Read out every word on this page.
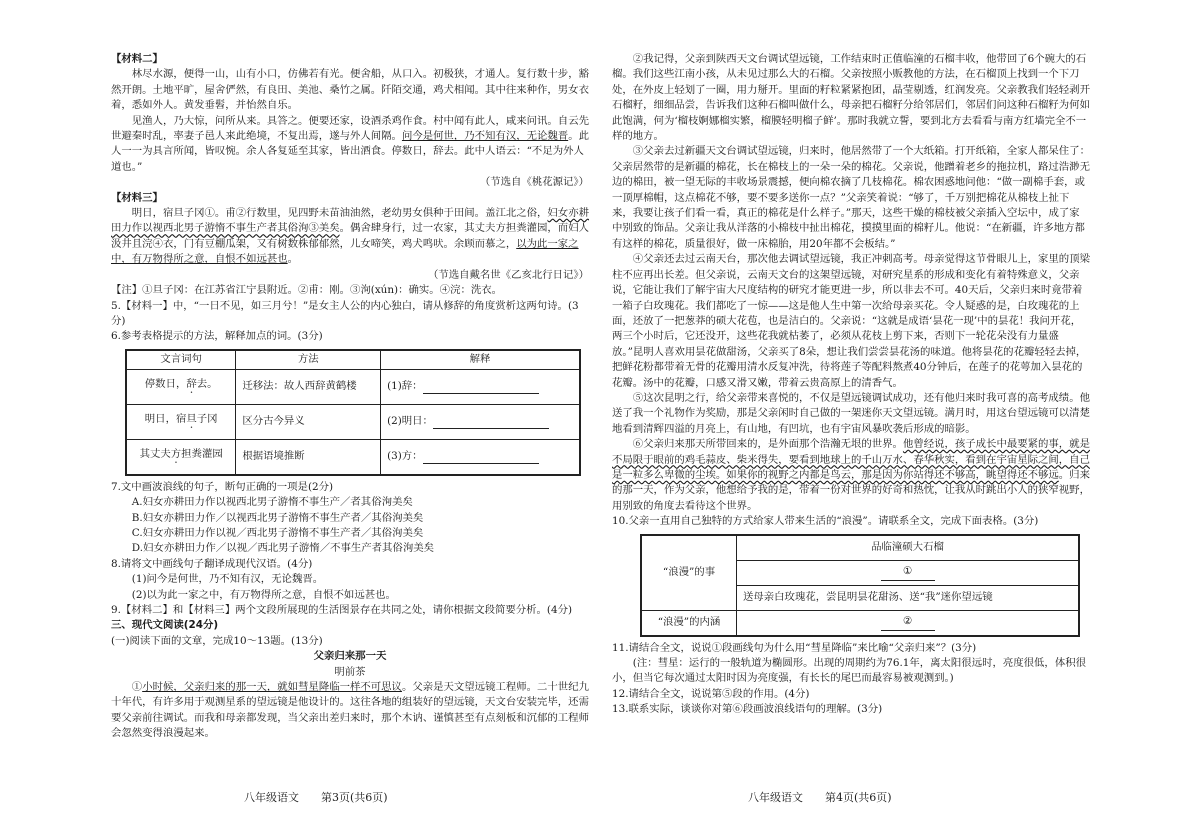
【材料二】

林尽水源，便得一山，山有小口，仿佛若有光。便舍船，从口入。初极狭，才通人。复行数十步，豁然开朗。土地平旷，屋舍俨然，有良田、美池、桑竹之属。阡陌交通，鸡犬相闻。其中往来种作，男女衣着，悉如外人。黄发垂髫，并怡然自乐。

见渔人，乃大惊，问所从来。具答之。便要还家，设酒杀鸡作食。村中闻有此人，咸来问讯。自云先世避秦时乱，率妻子邑人来此绝境，不复出焉，遂与外人间隔。问今是何世，乃不知有汉，无论魏晋。此人一一为具言所闻，皆叹惋。余人各复延至其家，皆出酒食。停数日，辞去。此中人语云：“不足为外人道也。”

（节选自《桃花源记》）

【材料三】

明日，宿旦子冈①。甫②行数里，见四野未苗油油然，老幼男女俱种于田间。盖江北之俗，妇女亦耕田力作以视西北男子游惰不事生产者其俗洵③美矣。偶舍肆身行，过一农家，其丈夫方担粪灌园，而妇人汲井且浣④衣，门有豆棚瓜架，又有树数株郁郁然，儿女啼笑，鸡犬鸣吠。余顾而慕之，以为此一家之中，有万物得所之意，自恨不如远甚也。

（节选自戴名世《乙亥北行日记》）

【注】①旦子冈：在江苏省江宁县附近。②甫：刚。③洵(xún)：确实。④浣：洗衣。

5.【材料一】中，“一日不见，如三月兮！”是女主人公的内心独白，请从修辞的角度赏析这两句诗。(3分)

6.参考表格提示的方法，解释加点的词。(3分)

文言词句	方法	解释
停数日，辞去。	迁移法：故人西辞黄鹤楼	(1)辞：
明日，宿旦子冈	区分古今异义	(2)明日：
其丈夫方担粪灌园	根据语境推断	(3)方：

7.文中画波浪线的句子，断句正确的一项是(2分)

A.妇女亦耕田力作以视西北男子游惰不事生产／者其俗洵美矣

B.妇女亦耕田力作／以视西北男子游惰不事生产者／其俗洵美矣

C.妇女亦耕田力作以视／西北男子游惰不事生产者／其俗洵美矣

D.妇女亦耕田力作／以视／西北男子游惰／不事生产者其俗洵美矣

8.请将文中画线句子翻译成现代汉语。(4分)

(1)问今是何世，乃不知有汉，无论魏晋。

(2)以为此一家之中，有万物得所之意，自恨不如远甚也。

9.【材料二】和【材料三】两个文段所展现的生活图景存在共同之处，请你根据文段简要分析。(4分)

三、现代文阅读(24分)

(一)阅读下面的文章，完成10～13题。(13分)

父亲归来那一天

明前茶

①小时候，父亲归来的那一天，就如彗星降临一样不可思议。父亲是天文望远镜工程师。二十世纪九十年代，有许多用于观测星系的望远镜是他设计的。这往各地的组装好的望远镜，天文台安装完毕，还需要父亲前往调试。而我和母亲都发现，当父亲出差归来时，那个木讷、谨慎甚至有点刻板和沉郁的工程师会忽然变得浪漫起来。

八年级语文　　第3页(共6页)

②我记得，父亲到陕西天文台调试望远镜，工作结束时正值临潼的石榴丰收，他带回了6个碗大的石榴。我们这些江南小孩，从未见过那么大的石榴。父亲按照小贩教他的方法，在石榴顶上找到一个下刀处，在外皮上轻划了一圈，用力掰开。里面的籽粒紧紧抱团，晶莹剔透，红润发亮。父亲教我们轻轻剥开石榴籽，细细品尝，告诉我们这种石榴叫做什么，母亲把石榴籽分给邻居们，邻居们问这种石榴籽为何如此饱满，何为‘榴枝婀娜榴实繁，榴膜轻明榴子鲜’。那时我就立誓，要到北方去看看与南方红墙完全不一样的地方。

③父亲去过新疆天文台调试望远镜，归来时，他居然带了一个大纸箱。打开纸箱，全家人都呆住了：父亲居然带的是新疆的棉花，长在棉枝上的一朵一朵的棉花。父亲说，他蹭着老乡的拖拉机，路过浩渺无边的棉田，被一望无际的丰收场景震撼，便向棉农摘了几枝棉花。棉农困惑地问他：“做一副棉手套，或一顶厚棉帽，这点棉花不够，要不要多送你一点？”父亲笑着说：“够了，千万别把棉花从棉枝上扯下来，我要让孩子们看一看，真正的棉花是什么样子。”那天，这些干燥的棉枝被父亲插入空坛中，成了家中别致的饰品。父亲让我从洋落的小棉枝中扯出棉花，摸摸里面的棉籽儿。他说：“在新疆，许多地方都有这样的棉花，质量很好，做一床棉胎，用20年都不会板结。”

④父亲还去过云南天台，那次他去调试望远镜，我正冲刺高考。母亲觉得这节骨眼儿上，家里的顶梁柱不应再出长差。但父亲说，云南天文台的这架望远镜，对研究星系的形成和变化有着特殊意义，父亲说，它能让我们了解宇宙大尺度结构的研究才能更进一步，所以非去不可。40天后，父亲归来时竟带着一箱子白玫瑰花。我们都吃了一惊——这是他人生中第一次给母亲买花。令人疑惑的是，白玫瑰花的上面，还放了一把葱莽的硕大花苞，也是洁白的。父亲说：“这就是成语‘昙花一现’中的昙花！我问开花，两三个小时后，它还没开，这些花我就枯萎了，必须从花枝上剪下来，否则下一轮花朵没有力量盛放。”昆明人喜欢用昙花做甜汤，父亲买了8朵，想让我们尝尝昙花汤的味道。他将昙花的花瓣轻轻去掉，把鲜花粉都带着无骨的花瓣用清水反复冲洗，待将莲子等配料熬煮40分钟后，在莲子的花萼加入昙花的花瓣。汤中的花瓣，口感又滑又嫩，带着云贵高原上的清香气。

⑤这次昆明之行，给父亲带来喜悦的，不仅是望远镜调试成功，还有他归来时我可喜的高考成绩。他送了我一个礼物作为奖励，那是父亲闲时自己做的一架迷你天文望远镜。满月时，用这台望远镜可以清楚地看到清辉四溢的月亮上，有山地，有凹坑，也有宇宙风暴吹袭后形成的暗影。

⑥父亲归来那天所带回来的，是外面那个浩瀚无垠的世界。他曾经说，孩子成长中最要紧的事，就是不局限于眼前的鸡毛蒜皮、柴米得失，要看到地球上的千山万水、春华秋实，看到在宇宙星际之间，自己是一粒多么卑微的尘埃。如果你的视野之内都是鸟云，那是因为你站得还不够高，眺望得还不够远。归来的那一天，作为父亲，他想给予我的是，带着一份对世界的好奇和热忱，让我从时跳出小人的狭窄视野，用别致的角度去看待这个世界。

10.父亲一直用自己独特的方式给家人带来生活的“浪漫”。请联系全文，完成下面表格。(3分)

“浪漫”的事	品临潼硕大石榴
	①
	送母亲白玫瑰花，尝昆明昙花甜汤、送“我”迷你望远镜
“浪漫”的内涵	②

11.请结合全文，说说①段画线句为什么用“彗星降临”来比喻“父亲归来”？(3分)

(注：彗星：运行的一般轨道为椭圆形。出现的周期约为76.1年，离太阳很远时，亮度很低，体积很小，但当它每次通过太阳时因为亮度强，有长长的尾巴而最容易被观测到。)

12.请结合全文，说说第⑤段的作用。(4分)

13.联系实际，谈谈你对第⑥段画波浪线语句的理解。(3分)

八年级语文　　第4页(共6页)
